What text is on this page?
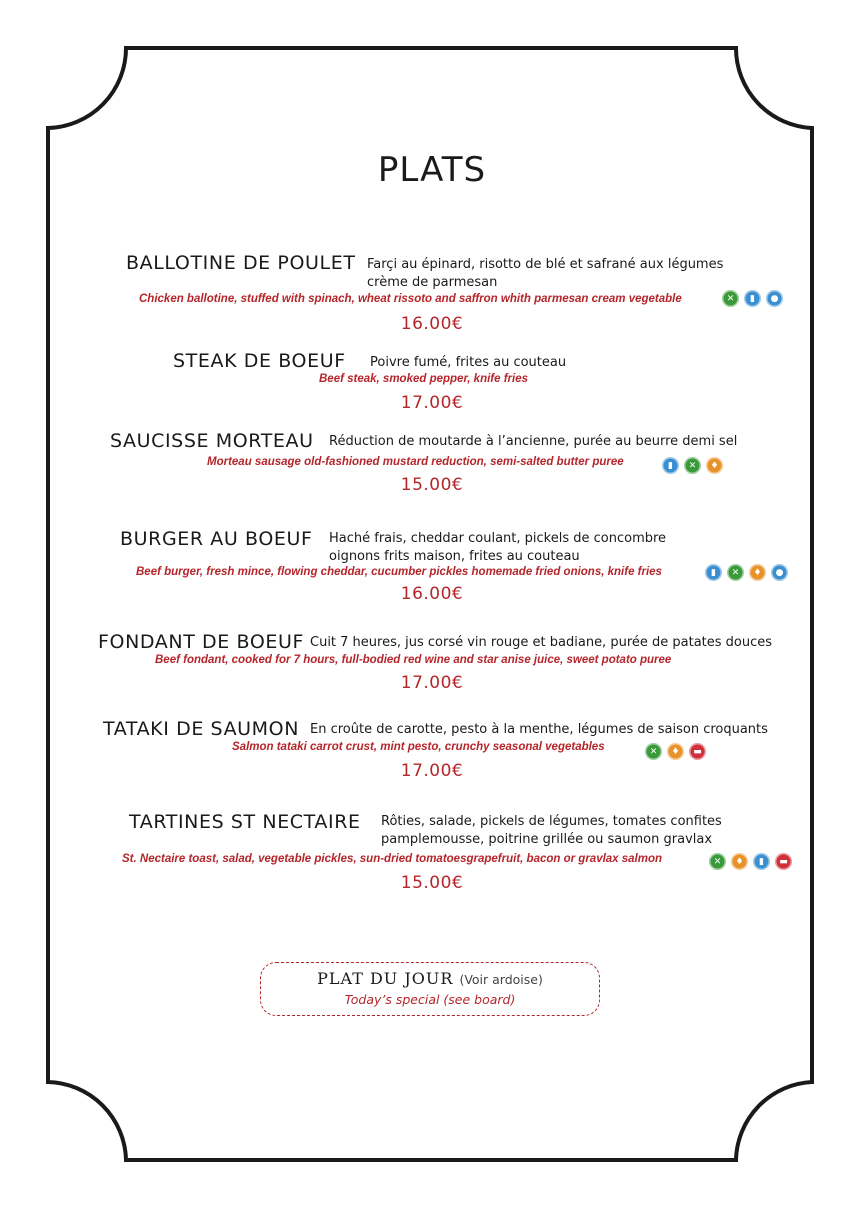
PLATS
BALLOTINE DE POULET Farçi au épinard, risotto de blé et safrané aux légumes
crème de parmesan
Chicken ballotine, stuffed with spinach, wheat rissoto and saffron whith parmesan cream vegetable	✕	▮	●
16.00€
STEAK DE BOEUF Poivre fumé, frites au couteau
Beef steak, smoked pepper, knife fries
17.00€
SAUCISSE MORTEAU Réduction de moutarde à l’ancienne, purée au beurre demi sel
Morteau sausage old-fashioned mustard reduction, semi-salted butter puree	▮	✕	♦
15.00€
BURGER AU BOEUF Haché frais, cheddar coulant, pickels de concombre
oignons frits maison, frites au couteau
Beef burger, fresh mince, flowing cheddar, cucumber pickles homemade fried onions, knife fries	▮	✕	♦	●
16.00€
FONDANT DE BOEUF Cuit 7 heures, jus corsé vin rouge et badiane, purée de patates douces
Beef fondant, cooked for 7 hours, full-bodied red wine and star anise juice, sweet potato puree
17.00€
TATAKI DE SAUMON En croûte de carotte, pesto à la menthe, légumes de saison croquants
Salmon tataki carrot crust, mint pesto, crunchy seasonal vegetables	✕	♦	▬
17.00€
TARTINES ST NECTAIRE Rôties, salade, pickels de légumes, tomates confites
pamplemousse, poitrine grillée ou saumon gravlax
St. Nectaire toast, salad, vegetable pickles, sun-dried tomatoesgrapefruit, bacon or gravlax salmon	✕	♦	▮	▬
15.00€
PLAT DU JOUR (Voir ardoise)
Today’s special (see board)
